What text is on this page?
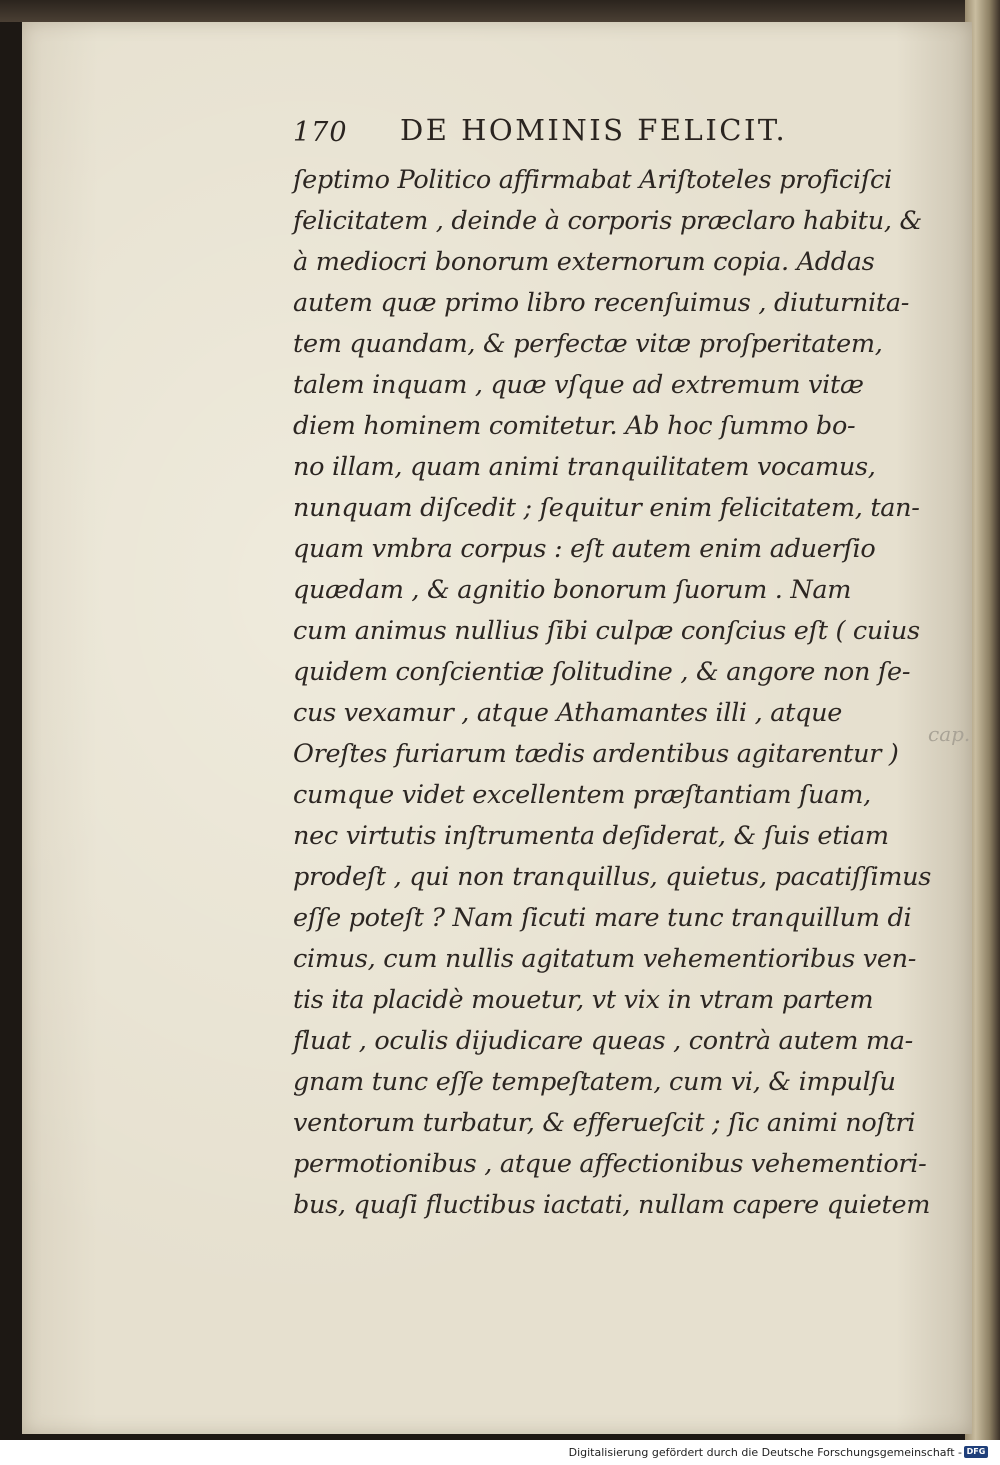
170 DE HOMINIS FELICIT.
ſeptimo Politico affirmabat Ariſtoteles proficiſci
felicitatem , deinde à corporis præclaro habitu, &
à mediocri bonorum externorum copia. Addas
autem quæ primo libro recenſuimus , diuturnita-
tem quandam, & perfectæ vitæ proſperitatem,
talem inquam , quæ vſque ad extremum vitæ
diem hominem comitetur. Ab hoc ſummo bo-
no illam, quam animi tranquilitatem vocamus,
nunquam diſcedit ; ſequitur enim felicitatem, tan-
quam vmbra corpus : eſt autem enim aduerſio
quædam , & agnitio bonorum ſuorum . Nam
cum animus nullius ſibi culpæ conſcius eſt ( cuius
quidem conſcientiæ ſolitudine , & angore non ſe-
cus vexamur , atque Athamantes illi , atque
Oreſtes furiarum tædis ardentibus agitarentur )
cumque videt excellentem præſtantiam ſuam,
nec virtutis inſtrumenta deſiderat, & ſuis etiam
prodeſt , qui non tranquillus, quietus, pacatiſſimus
eſſe poteſt ? Nam ſicuti mare tunc tranquillum di
cimus, cum nullis agitatum vehementioribus ven-
tis ita placidè mouetur, vt vix in vtram partem
fluat , oculis dijudicare queas , contrà autem ma-
gnam tunc eſſe tempeſtatem, cum vi, & impulſu
ventorum turbatur, & efferueſcit ; ſic animi noſtri
permotionibus , atque affectionibus vehementiori-
bus, quaſi fluctibus iactati, nullam capere quietem
cap.
Digitalisierung gefördert durch die Deutsche Forschungsgemeinschaft - DFG
